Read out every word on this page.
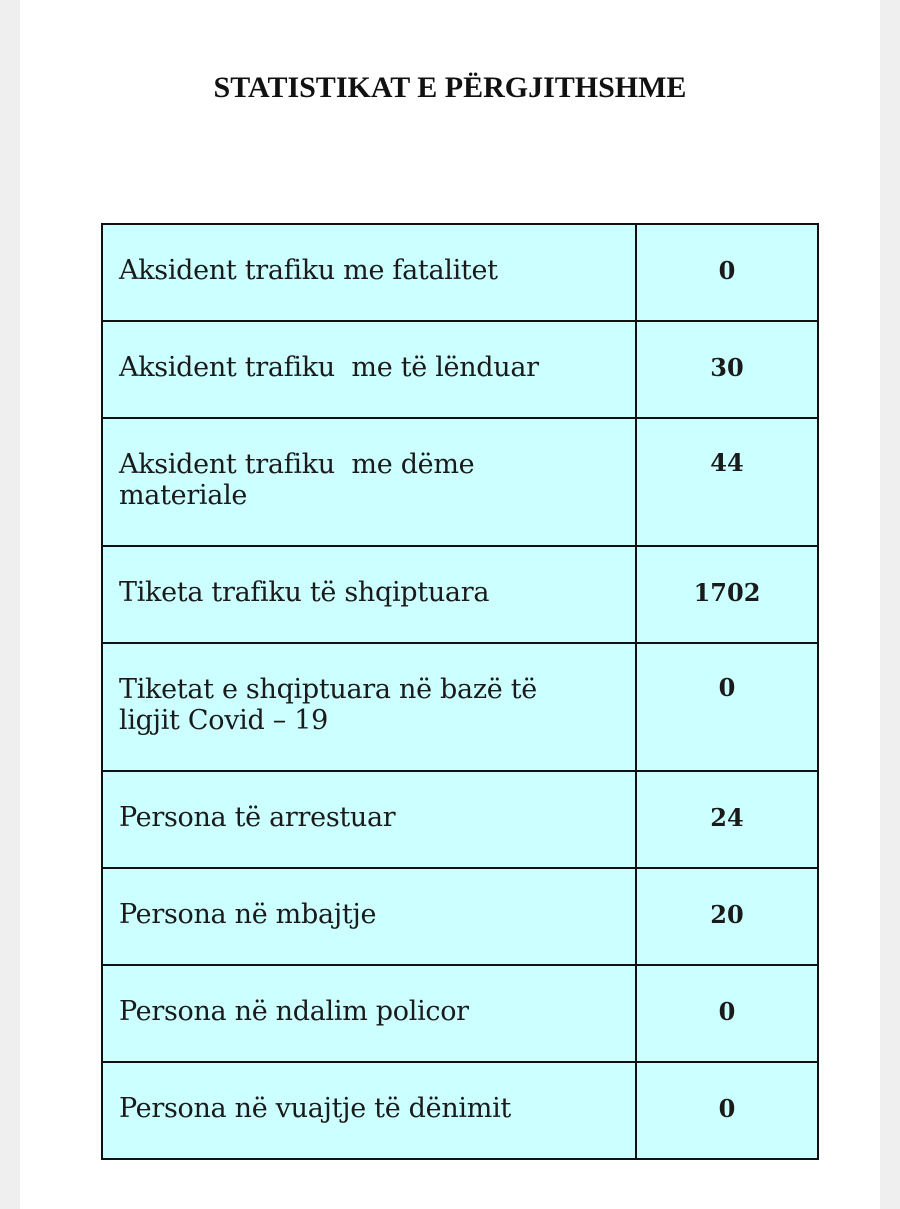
STATISTIKAT E PËRGJITHSHME
Aksident trafiku me fatalitet	0
Aksident trafiku  me të lënduar	30
Aksident trafiku  me dëme
materiale	44
Tiketa trafiku të shqiptuara	1702
Tiketat e shqiptuara në bazë të
ligjit Covid – 19	0
Persona të arrestuar	24
Persona në mbajtje	20
Persona në ndalim policor	0
Persona në vuajtje të dënimit	0
